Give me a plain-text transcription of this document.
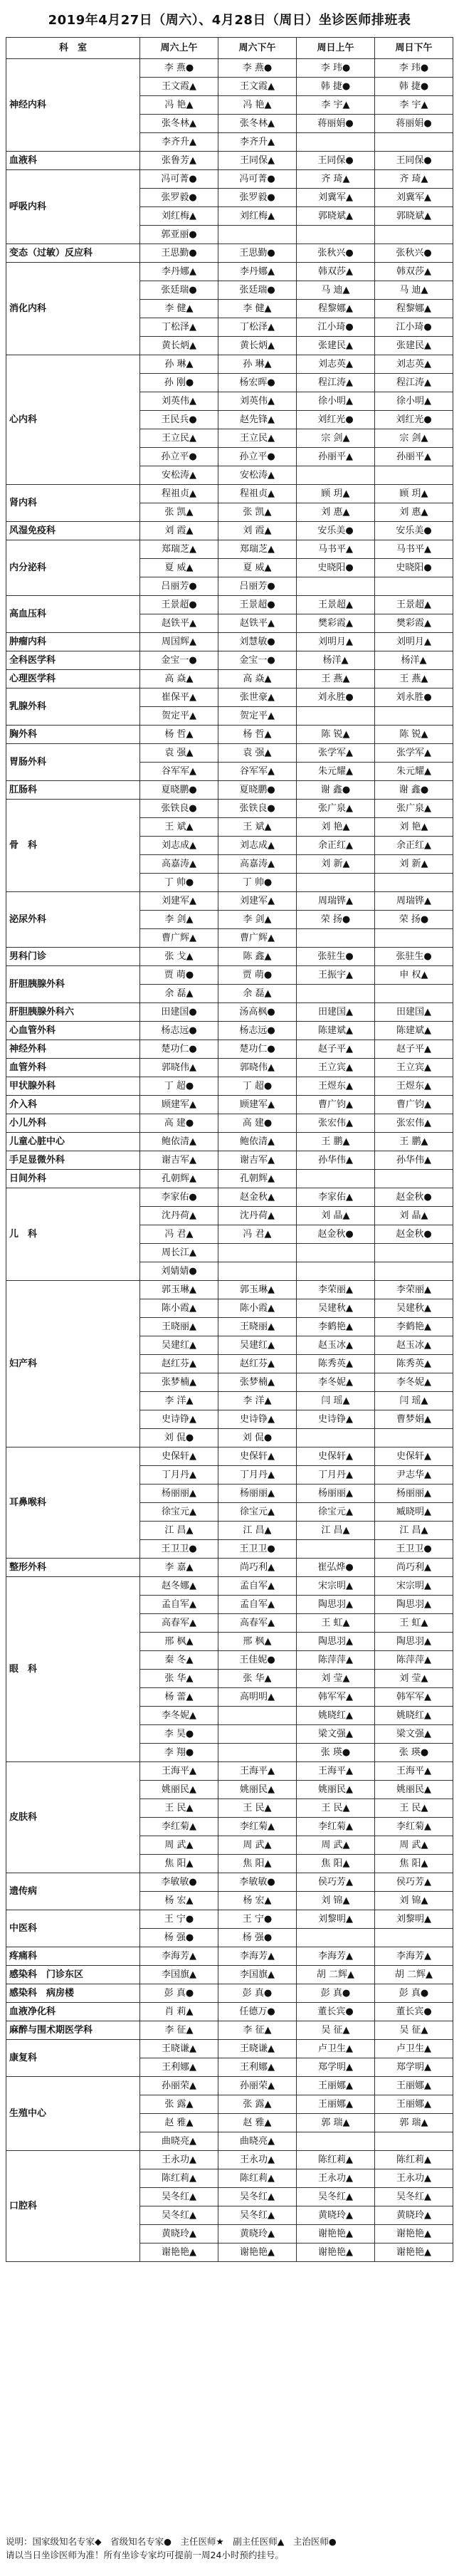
2019年4月27日（周六）、4月28日（周日）坐诊医师排班表
科　室	周六上午	周六下午	周日上午	周日下午
神经内科	李 燕●	李 燕●	李 玮●	李 玮●
	王文霞▲	王文霞▲	韩 捷●	韩 捷●
	冯 艳▲	冯 艳▲	李 宇▲	李 宇▲
	张冬林▲	张冬林▲	蒋丽娟●	蒋丽娟●
	李齐升▲	李齐升▲		
血液科	张鲁芳▲	王同保▲	王同保●	王同保●
呼吸内科	冯可菁●	冯可菁●	齐 琦▲	齐 琦▲
	张罗毅●	张罗毅●	刘冀军▲	刘冀军▲
	刘红梅▲	刘红梅▲	郭晓斌▲	郭晓斌▲
	郭亚丽●			
变态（过敏）反应科	王思勤●	王思勤●	张秋兴●	张秋兴●
消化内科	李丹娜▲	李丹娜▲	韩双莎▲	韩双莎▲
	张廷瑞●	张廷瑞●	马 迪▲	马 迪▲
	李 健▲	李 健▲	程黎娜▲	程黎娜▲
	丁松泽▲	丁松泽▲	江小琦●	江小琦●
	黄长炳▲	黄长炳▲	张建民▲	张建民▲
心内科	孙 琳▲	孙 琳▲	刘志英▲	刘志英▲
	孙 刚●	杨宏晖●	程江涛▲	程江涛▲
	刘英伟▲	刘英伟▲	徐小明▲	徐小明▲
	王民兵●	赵先锋▲	刘红光●	刘红光●
	王立民▲	王立民▲	宗 剑▲	宗 剑▲
	孙立平●	孙立平●	孙丽平▲	孙丽平▲
	安松涛▲	安松涛▲		
肾内科	程祖贞▲	程祖贞▲	顾 玥▲	顾 玥▲
	张 凯▲	张 凯▲	刘 惠▲	刘 惠▲
风湿免疫科	刘 霞▲	刘 霞▲	安乐美●	安乐美●
内分泌科	郑瑞芝▲	郑瑞芝▲	马书平▲	马书平▲
	夏 威▲	夏 威▲	史晓阳●	史晓阳●
	吕丽芳●	吕丽芳●		
高血压科	王景超●	王景超●	王景超▲	王景超▲
	赵铁平▲	赵铁平▲	樊彩霞▲	樊彩霞▲
肿瘤内科	周国辉▲	刘慧敏●	刘明月▲	刘明月▲
全科医学科	金宝一●	金宝一●	杨洋▲	杨洋▲
心理医学科	高 焱▲	高 焱▲	王 燕▲	王 燕▲
乳腺外科	崔保平▲	张世豪▲	刘永胜●	刘永胜●
	贺定平▲	贺定平▲		
胸外科	杨 哲▲	杨 哲▲	陈 锐▲	陈 锐▲
胃肠外科	袁 强▲	袁 强▲	张学军▲	张学军▲
	谷军军▲	谷军军▲	朱元耀▲	朱元耀▲
肛肠科	夏晓鹏●	夏晓鹏●	谢 鑫●	谢 鑫●
骨　科	张铁良●	张铁良●	张广泉▲	张广泉▲
	王 斌▲	王 斌▲	刘 艳▲	刘 艳▲
	刘志成▲	刘志成▲	余正红▲	余正红▲
	高嘉涛▲	高嘉涛▲	刘 新▲	刘 新▲
	丁 帅●	丁 帅●		
泌尿外科	刘建军▲	刘建军▲	周瑞铧▲	周瑞铧▲
	李 剑▲	李 剑▲	荣 扬●	荣 扬●
	曹广辉▲	曹广辉▲		
男科门诊	张 戈▲	陈 鑫▲	张驻生●	张驻生●
肝胆胰腺外科	贾 萌●	贾 萌●	王振宇▲	申 权▲
	余 磊▲	余 磊▲		
肝胆胰腺外科六	田建国●	汤高枫●	田建国▲	田建国▲
心血管外科	杨志远●	杨志远●	陈建斌▲	陈建斌▲
神经外科	楚功仁●	楚功仁●	赵子平▲	赵子平▲
血管外科	郭晓伟▲	郭晓伟▲	王立宾▲	王立宾▲
甲状腺外科	丁 超●	丁 超●	王煜东▲	王煜东▲
介入科	顾建军▲	顾建军▲	曹广钧▲	曹广钧▲
小儿外科	高 建●	高 建●	张宏伟▲	张宏伟▲
儿童心脏中心	鲍依清▲	鲍依清▲	王 鹏▲	王 鹏▲
手足显微外科	谢吉军▲	谢吉军▲	孙华伟▲	孙华伟▲
日间外科	孔朝辉▲	孔朝辉▲		
儿　科	李家佑●	赵金秋▲	李家佑▲	赵金秋●
	沈丹荷▲	沈丹荷▲	刘 晶▲	刘 晶▲
	冯 君▲	冯 君▲	赵金秋●	赵金秋●
	周长江▲			
	刘婧婧●			
妇产科	郭玉琳▲	郭玉琳▲	李荣丽▲	李荣丽▲
	陈小霞▲	陈小霞▲	吴建秋▲	吴建秋▲
	王晓丽▲	王晓丽▲	李鹤艳▲	李鹤艳▲
	吴建红▲	吴建红▲	赵玉冰▲	赵玉冰▲
	赵红芬▲	赵红芬▲	陈秀英▲	陈秀英▲
	张梦楠▲	张梦楠▲	李冬妮▲	李冬妮▲
	李 洋▲	李 洋▲	闫 瑶▲	闫 瑶▲
	史诗铮▲	史诗铮▲	史诗铮▲	曹梦娟▲
	刘 侃●	刘 侃●		
耳鼻喉科	史保轩▲	史保轩▲	史保轩▲	史保轩▲
	丁月丹▲	丁月丹▲	丁月丹▲	尹志华▲
	杨丽丽▲	杨丽丽▲	杨丽丽▲	杨丽丽▲
	徐宝元▲	徐宝元▲	徐宝元▲	臧晓明▲
	江 昌▲	江 昌▲	江 昌▲	江 昌▲
	王卫卫●	王卫卫●		王卫卫●
整形外科	李 嘉▲	尚巧利▲	崔弘烨●	尚巧利▲
眼　科	赵冬娜▲	孟自军▲	宋宗明▲	宋宗明▲
	孟自军▲	孟自军▲	陶思羽▲	陶思羽▲
	高春军▲	高春军▲	王 虹▲	王 虹▲
	邢 枫▲	邢 枫▲	陶思羽▲	陶思羽▲
	秦 冬▲	王佳妮●	陈萍萍▲	陈萍萍▲
	张 华▲	张 华▲	刘 莹▲	刘 莹▲
	杨 蕾▲	高明明▲	韩军军▲	韩军军▲
	李冬妮▲		姚晓红▲	姚晓红▲
	李 昊●		梁文强▲	梁文强▲
	李 翔●		张 瑛●	张 瑛●
皮肤科	王海平▲	王海平▲	王海平▲	王海平▲
	姚丽民▲	姚丽民▲	姚丽民▲	姚丽民▲
	王 民▲	王 民▲	王 民▲	王 民▲
	李红菊▲	李红菊▲	李红菊▲	李红菊▲
	周 武▲	周 武▲	周 武▲	周 武▲
	焦 阳▲	焦 阳▲	焦 阳▲	焦 阳▲
遗传病	李敏敏●	李敏敏●	侯巧芳▲	侯巧芳▲
	杨 宏▲	杨 宏▲	刘 锦▲	刘 锦▲
中医科	王 宁●	王 宁●	刘黎明▲	刘黎明▲
	杨 强●	杨 强●		
疼痛科	李海芳▲	李海芳▲	李海芳▲	李海芳▲
感染科　门诊东区	李国旗▲	李国旗▲	胡 二辉▲	胡 二辉▲
感染科　病房楼	彭 真●	彭 真●	彭 真●	彭 真●
血液净化科	肖 莉▲	任德万●	董长宾●	董长宾●
麻醉与围术期医学科	李 征▲	李 征▲	吴 征▲	吴 征▲
康复科	王晓谦▲	王晓谦▲	卢卫生▲	卢卫生▲
	王利娜▲	王利娜▲	郑学明▲	郑学明▲
生殖中心	孙丽荣▲	孙丽荣▲	王丽娜▲	王丽娜▲
	张 露▲	张 露▲	王丽娜▲	王丽娜▲
	赵 雅▲	赵 雅▲	郭 瑞▲	郭 瑞▲
	曲晓亮▲	曲晓亮▲		
口腔科	王永功▲	王永功▲	陈红莉▲	陈红莉▲
	陈红莉▲	陈红莉▲	王永功▲	王永功▲
	吴冬红▲	吴冬红▲	吴冬红▲	吴冬红▲
	吴冬红▲	吴冬红▲	黄晓玲▲	黄晓玲▲
	黄晓玲▲	黄晓玲▲	谢艳艳▲	谢艳艳▲
	谢艳艳▲	谢艳艳▲	谢艳艳▲	谢艳艳▲
说明：国家级知名专家◆　省级知名专家●　主任医师★　副主任医师▲　主治医师●
请以当日坐诊医师为准！所有坐诊专家均可提前一周24小时预约挂号。
